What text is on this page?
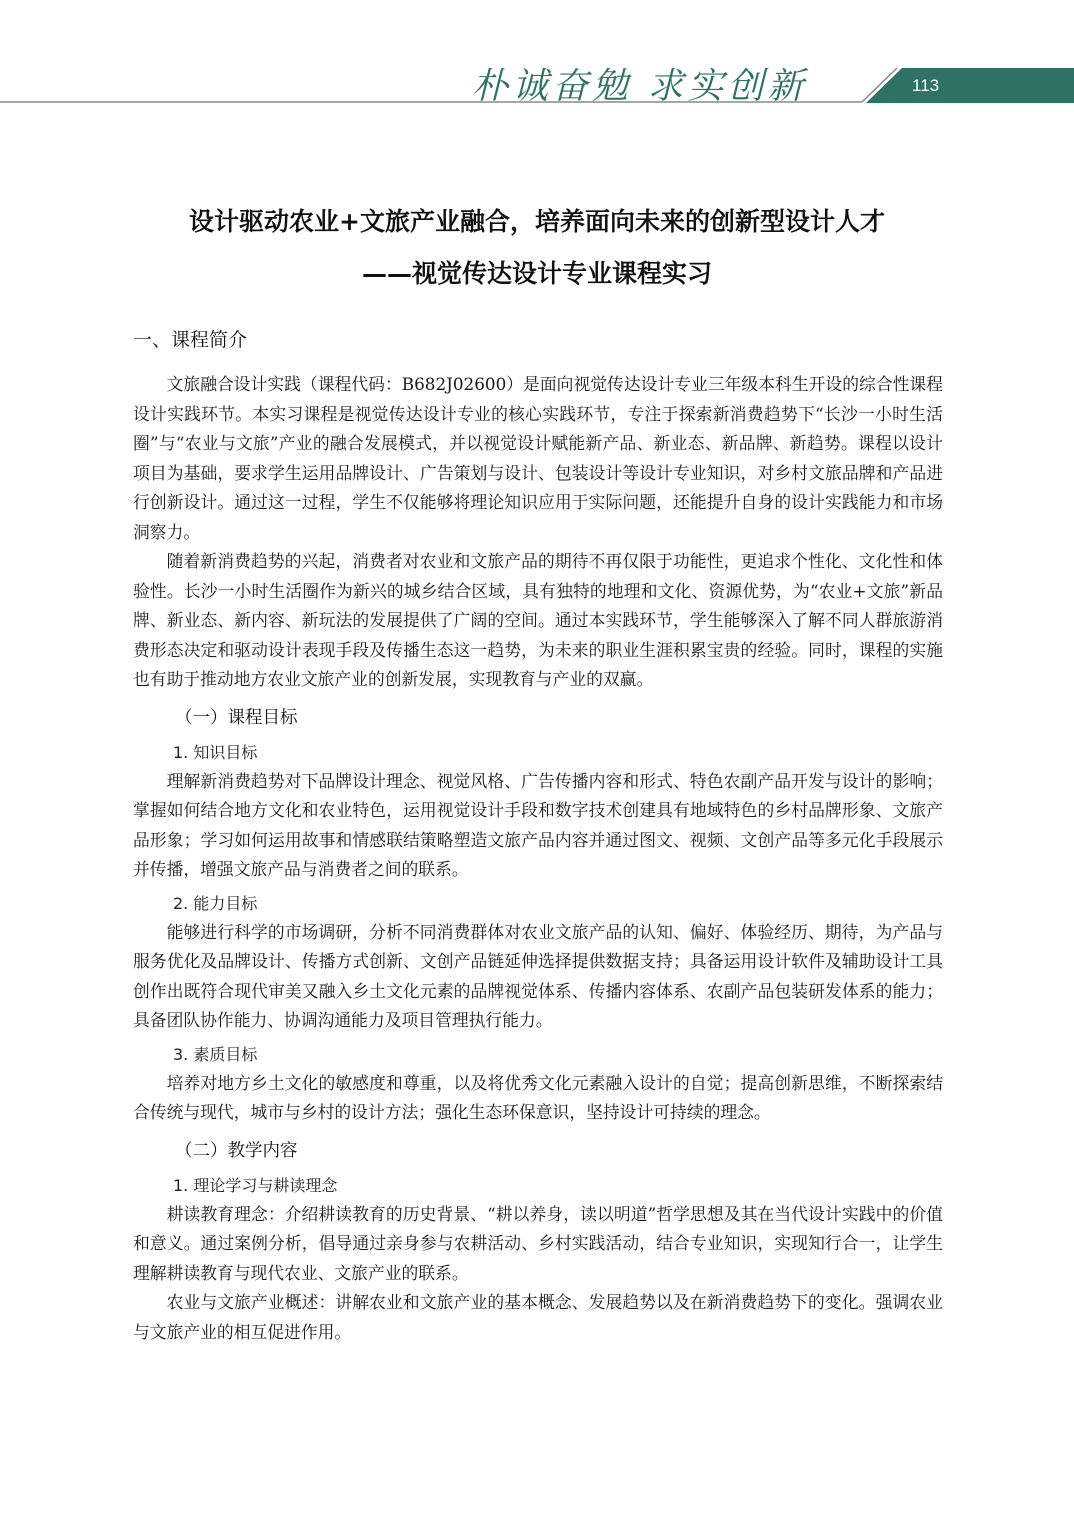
朴诚奋勉 求实创新	113
设计驱动农业+文旅产业融合，培养面向未来的创新型设计人才
——视觉传达设计专业课程实习
一、课程简介

文旅融合设计实践（课程代码：B682J02600）是面向视觉传达设计专业三年级本科生开设的综合性课程设计实践环节。本实习课程是视觉传达设计专业的核心实践环节，专注于探索新消费趋势下“长沙一小时生活圈”与“农业与文旅”产业的融合发展模式，并以视觉设计赋能新产品、新业态、新品牌、新趋势。课程以设计项目为基础，要求学生运用品牌设计、广告策划与设计、包装设计等设计专业知识，对乡村文旅品牌和产品进行创新设计。通过这一过程，学生不仅能够将理论知识应用于实际问题，还能提升自身的设计实践能力和市场洞察力。

随着新消费趋势的兴起，消费者对农业和文旅产品的期待不再仅限于功能性，更追求个性化、文化性和体验性。长沙一小时生活圈作为新兴的城乡结合区域，具有独特的地理和文化、资源优势，为“农业+文旅”新品牌、新业态、新内容、新玩法的发展提供了广阔的空间。通过本实践环节，学生能够深入了解不同人群旅游消费形态决定和驱动设计表现手段及传播生态这一趋势，为未来的职业生涯积累宝贵的经验。同时，课程的实施也有助于推动地方农业文旅产业的创新发展，实现教育与产业的双赢。

（一）课程目标
1. 知识目标

理解新消费趋势对下品牌设计理念、视觉风格、广告传播内容和形式、特色农副产品开发与设计的影响；掌握如何结合地方文化和农业特色，运用视觉设计手段和数字技术创建具有地域特色的乡村品牌形象、文旅产品形象；学习如何运用故事和情感联结策略塑造文旅产品内容并通过图文、视频、文创产品等多元化手段展示并传播，增强文旅产品与消费者之间的联系。

2. 能力目标

能够进行科学的市场调研，分析不同消费群体对农业文旅产品的认知、偏好、体验经历、期待，为产品与服务优化及品牌设计、传播方式创新、文创产品链延伸选择提供数据支持；具备运用设计软件及辅助设计工具创作出既符合现代审美又融入乡土文化元素的品牌视觉体系、传播内容体系、农副产品包装研发体系的能力；具备团队协作能力、协调沟通能力及项目管理执行能力。

3. 素质目标

培养对地方乡土文化的敏感度和尊重，以及将优秀文化元素融入设计的自觉；提高创新思维，不断探索结合传统与现代，城市与乡村的设计方法；强化生态环保意识，坚持设计可持续的理念。

（二）教学内容
1. 理论学习与耕读理念

耕读教育理念：介绍耕读教育的历史背景、“耕以养身，读以明道”哲学思想及其在当代设计实践中的价值和意义。通过案例分析，倡导通过亲身参与农耕活动、乡村实践活动，结合专业知识，实现知行合一，让学生理解耕读教育与现代农业、文旅产业的联系。

农业与文旅产业概述：讲解农业和文旅产业的基本概念、发展趋势以及在新消费趋势下的变化。强调农业与文旅产业的相互促进作用。
